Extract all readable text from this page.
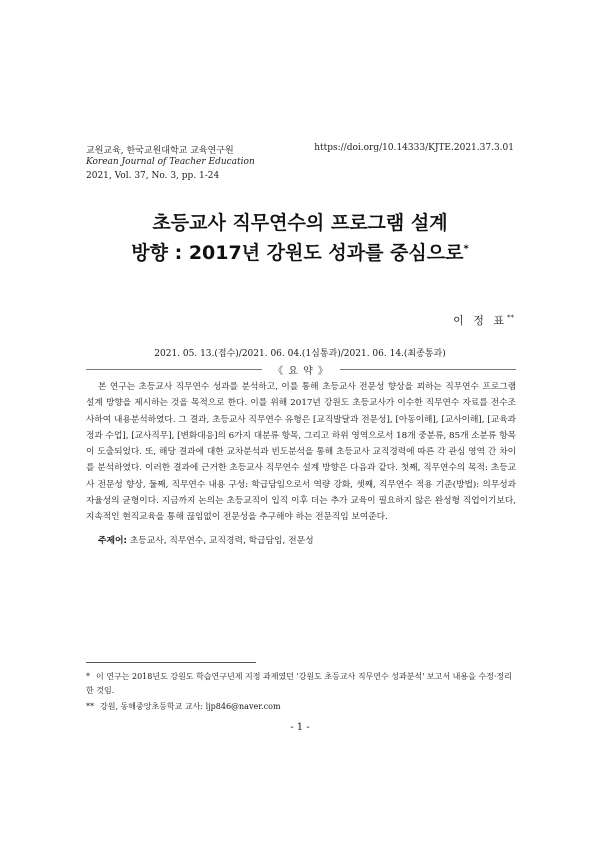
교원교육, 한국교원대학교 교육연구원
Korean Journal of Teacher Education
2021, Vol. 37, No. 3, pp. 1-24
https://doi.org/10.14333/KJTE.2021.37.3.01
초등교사 직무연수의 프로그램 설계
방향 : 2017년 강원도 성과를 중심으로*
이 정 표**
2021. 05. 13.(접수)/2021. 06. 04.(1심통과)/2021. 06. 14.(최종통과)
《 요 약 》

본 연구는 초등교사 직무연수 성과를 분석하고, 이를 통해 초등교사 전문성 향상을 꾀하는 직무연수 프로그램 설계 방향을 제시하는 것을 목적으로 한다. 이를 위해 2017년 강원도 초등교사가 이수한 직무연수 자료를 전수조사하여 내용분석하였다. 그 결과, 초등교사 직무연수 유형은 [교직발달과 전문성], [아동이해], [교사이해], [교육과정과 수업], [교사직무], [변화대응]의 6가지 대분류 항목, 그리고 하위 영역으로서 18개 중분류, 85개 소분류 항목이 도출되었다. 또, 해당 결과에 대한 교차분석과 빈도분석을 통해 초등교사 교직경력에 따른 각 관심 영역 간 차이를 분석하였다. 이러한 결과에 근거한 초등교사 직무연수 설계 방향은 다음과 같다. 첫째, 직무연수의 목적: 초등교사 전문성 향상, 둘째, 직무연수 내용 구성: 학급담임으로서 역량 강화, 셋째, 직무연수 적용 기준(방법): 의무성과 자율성의 균형이다. 지금까지 논의는 초등교직이 입직 이후 더는 추가 교육이 필요하지 않은 완성형 직업이기보다, 지속적인 현직교육을 통해 끊임없이 전문성을 추구해야 하는 전문직임 보여준다.

주제어: 초등교사, 직무연수, 교직경력, 학급담임, 전문성
* 이 연구는 2018년도 강원도 학습연구년제 지정 과제였던 '강원도 초등교사 직무연수 성과분석' 보고서 내용을 수정·정리한 것임.
** 강원, 동해중앙초등학교 교사: ljp846@naver.com
- 1 -
